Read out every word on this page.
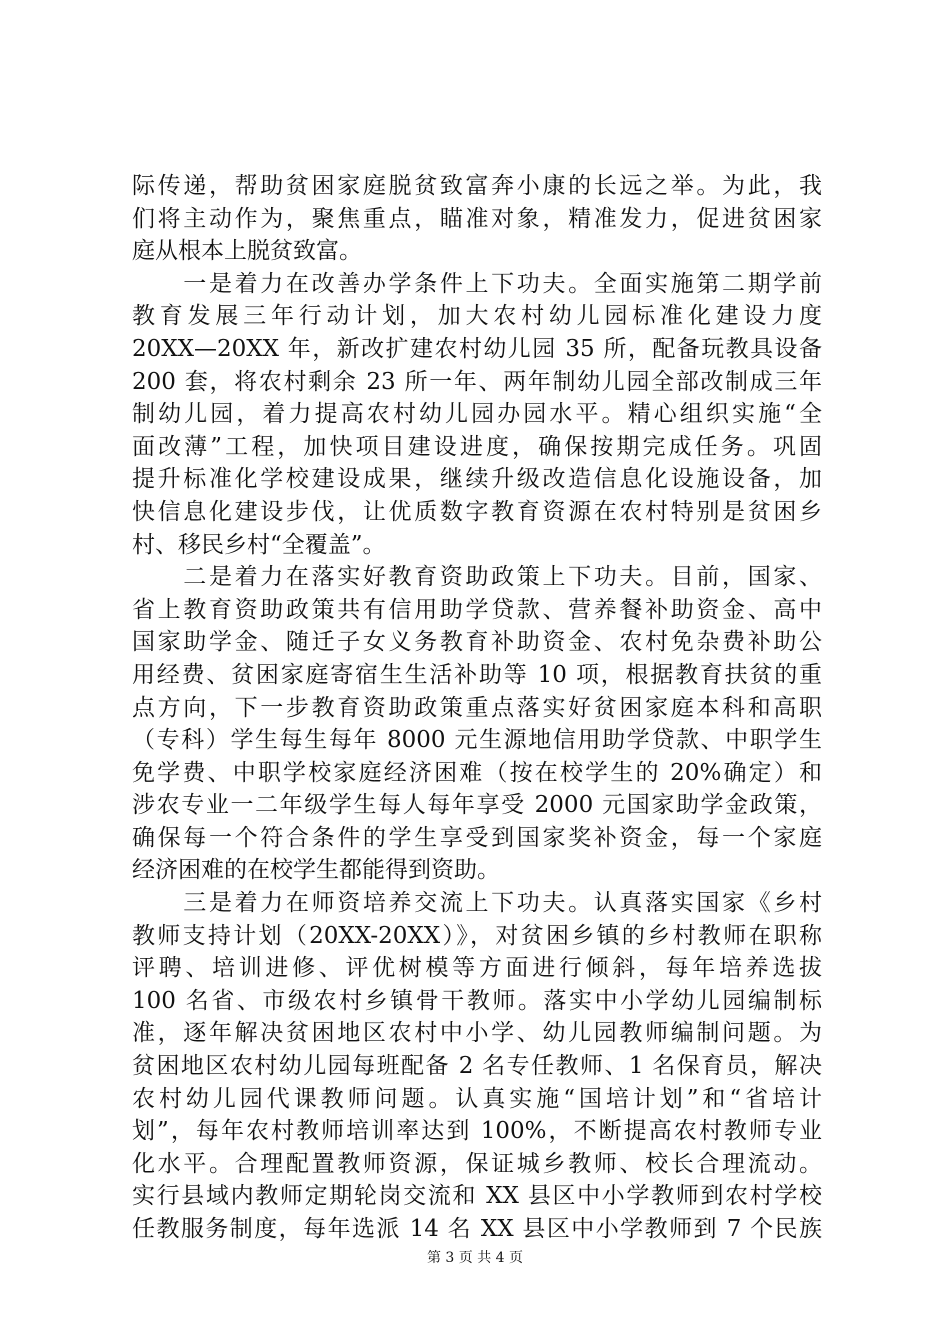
际传递，帮助贫困家庭脱贫致富奔小康的长远之举。为此，我
们将主动作为，聚焦重点，瞄准对象，精准发力，促进贫困家
庭从根本上脱贫致富。
　　一是着力在改善办学条件上下功夫。全面实施第二期学前
教育发展三年行动计划，加大农村幼儿园标准化建设力度
20XX—20XX 年，新改扩建农村幼儿园 35 所，配备玩教具设备
200 套，将农村剩余 23 所一年、两年制幼儿园全部改制成三年
制幼儿园，着力提高农村幼儿园办园水平。精心组织实施“全
面改薄”工程，加快项目建设进度，确保按期完成任务。巩固
提升标准化学校建设成果，继续升级改造信息化设施设备，加
快信息化建设步伐，让优质数字教育资源在农村特别是贫困乡
村、移民乡村“全覆盖”。
　　二是着力在落实好教育资助政策上下功夫。目前，国家、
省上教育资助政策共有信用助学贷款、营养餐补助资金、高中
国家助学金、随迁子女义务教育补助资金、农村免杂费补助公
用经费、贫困家庭寄宿生生活补助等 10 项，根据教育扶贫的重
点方向，下一步教育资助政策重点落实好贫困家庭本科和高职
（专科）学生每生每年 8000 元生源地信用助学贷款、中职学生
免学费、中职学校家庭经济困难（按在校学生的 20%确定）和
涉农专业一二年级学生每人每年享受 2000 元国家助学金政策，
确保每一个符合条件的学生享受到国家奖补资金，每一个家庭
经济困难的在校学生都能得到资助。
　　三是着力在师资培养交流上下功夫。认真落实国家《乡村
教师支持计划（20XX-20XX）》，对贫困乡镇的乡村教师在职称
评聘、培训进修、评优树模等方面进行倾斜，每年培养选拔
100 名省、市级农村乡镇骨干教师。落实中小学幼儿园编制标
准，逐年解决贫困地区农村中小学、幼儿园教师编制问题。为
贫困地区农村幼儿园每班配备 2 名专任教师、1 名保育员，解决
农村幼儿园代课教师问题。认真实施“国培计划”和“省培计
划”，每年农村教师培训率达到 100%，不断提高农村教师专业
化水平。合理配置教师资源，保证城乡教师、校长合理流动。
实行县域内教师定期轮岗交流和 XX 县区中小学教师到农村学校
任教服务制度，每年选派 14 名 XX 县区中小学教师到 7 个民族
第 3 页 共 4 页
